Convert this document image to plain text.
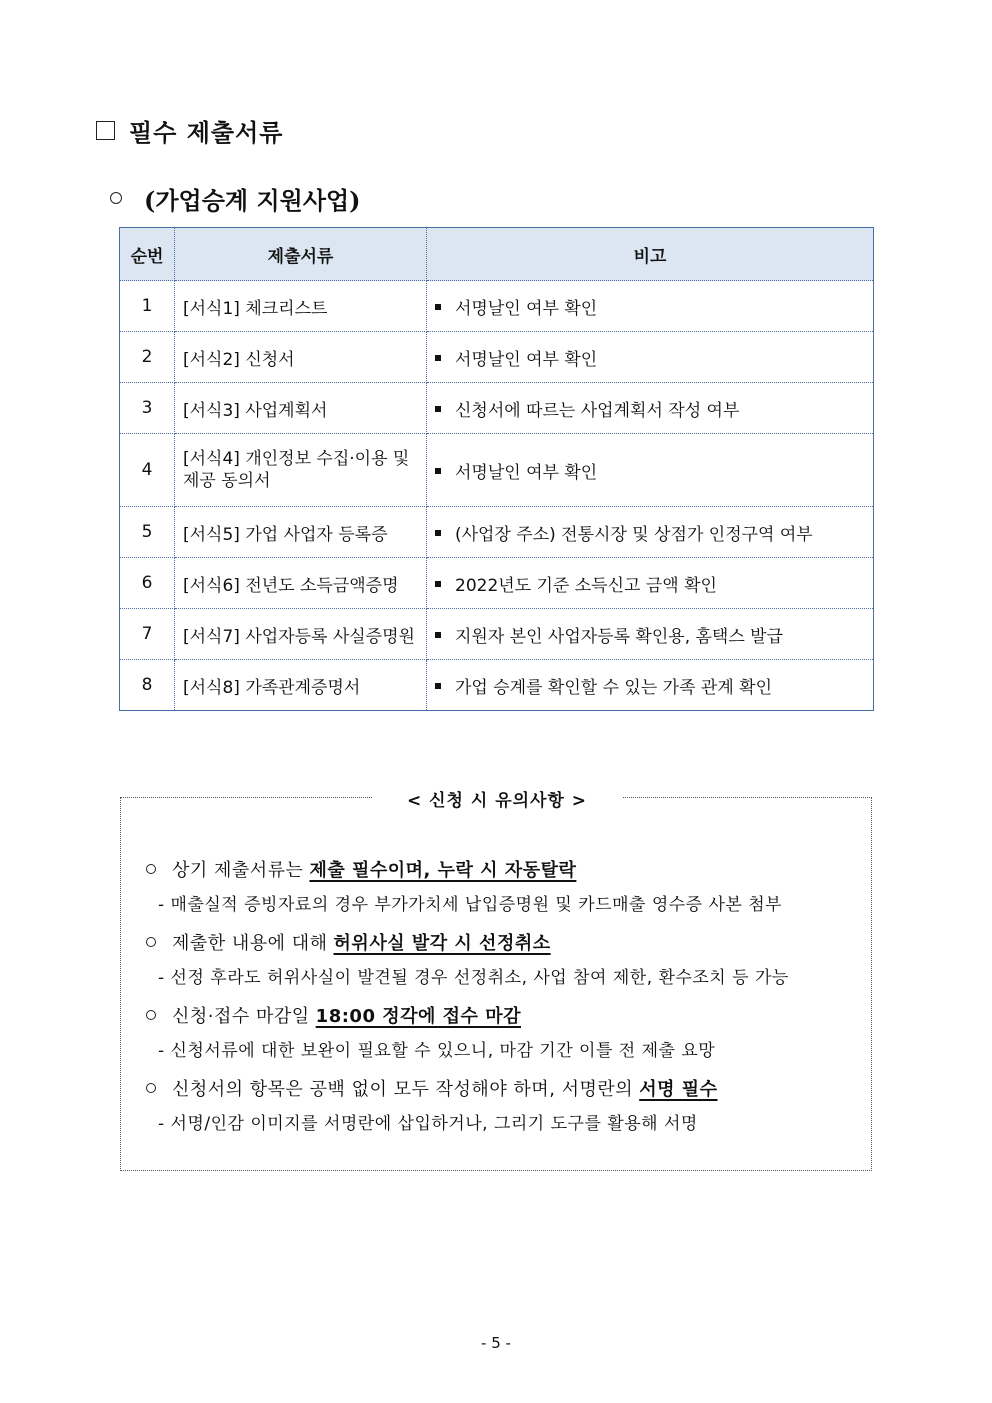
필수 제출서류
(가업승계 지원사업)
순번	제출서류	비고
1	[서식1] 체크리스트	서명날인 여부 확인
2	[서식2] 신청서	서명날인 여부 확인
3	[서식3] 사업계획서	신청서에 따르는 사업계획서 작성 여부
4	[서식4] 개인정보 수집·이용 및 제공 동의서	서명날인 여부 확인
5	[서식5] 가업 사업자 등록증	(사업장 주소) 전통시장 및 상점가 인정구역 여부
6	[서식6] 전년도 소득금액증명	2022년도 기준 소득신고 금액 확인
7	[서식7] 사업자등록 사실증명원	지원자 본인 사업자등록 확인용, 홈택스 발급
8	[서식8] 가족관계증명서	가업 승계를 확인할 수 있는 가족 관계 확인
< 신청 시 유의사항 >
상기 제출서류는 제출 필수이며, 누락 시 자동탈락
- 매출실적 증빙자료의 경우 부가가치세 납입증명원 및 카드매출 영수증 사본 첨부
제출한 내용에 대해 허위사실 발각 시 선정취소
- 선정 후라도 허위사실이 발견될 경우 선정취소, 사업 참여 제한, 환수조치 등 가능
신청·접수 마감일 18:00 정각에 접수 마감
- 신청서류에 대한 보완이 필요할 수 있으니, 마감 기간 이틀 전 제출 요망
신청서의 항목은 공백 없이 모두 작성해야 하며, 서명란의 서명 필수
- 서명/인감 이미지를 서명란에 삽입하거나, 그리기 도구를 활용해 서명
- 5 -
